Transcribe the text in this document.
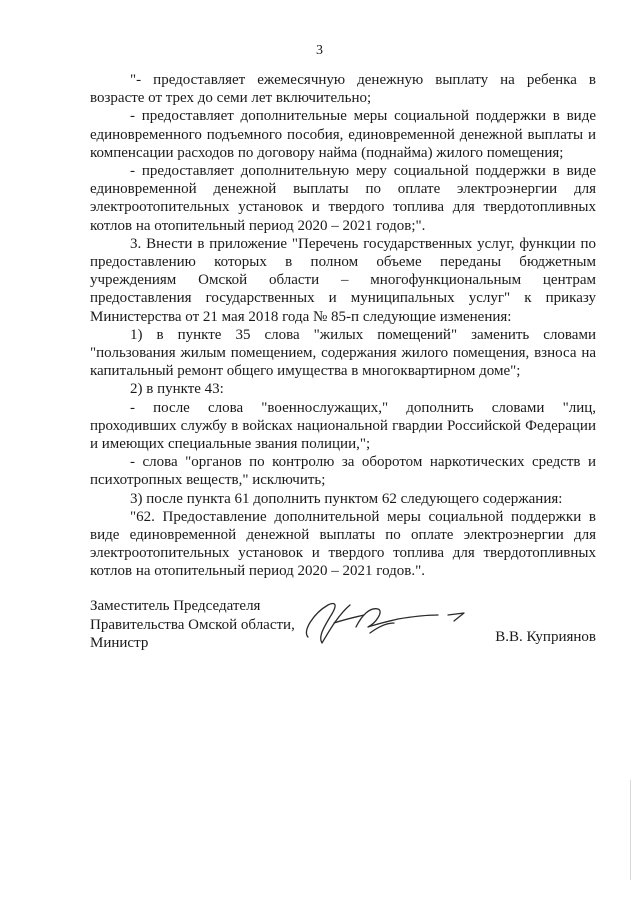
3

"- предоставляет ежемесячную денежную выплату на ребенка в возрасте от трех до семи лет включительно;

- предоставляет дополнительные меры социальной поддержки в виде единовременного подъемного пособия, единовременной денежной выплаты и компенсации расходов по договору найма (поднайма) жилого помещения;

- предоставляет дополнительную меру социальной поддержки в виде единовременной денежной выплаты по оплате электроэнергии для электроотопительных установок и твердого топлива для твердотопливных котлов на отопительный период 2020 – 2021 годов;".

3. Внести в приложение "Перечень государственных услуг, функции по предоставлению которых в полном объеме переданы бюджетным учреждениям Омской области – многофункциональным центрам предоставления государственных и муниципальных услуг" к приказу Министерства от 21 мая 2018 года № 85-п следующие изменения:

1) в пункте 35 слова "жилых помещений" заменить словами "пользования жилым помещением, содержания жилого помещения, взноса на капитальный ремонт общего имущества в многоквартирном доме";

2) в пункте 43:

- после слова "военнослужащих," дополнить словами "лиц, проходивших службу в войсках национальной гвардии Российской Федерации и имеющих специальные звания полиции,";

- слова "органов по контролю за оборотом наркотических средств и психотропных веществ," исключить;

3) после пункта 61 дополнить пунктом 62 следующего содержания:

"62. Предоставление дополнительной меры социальной поддержки в виде единовременной денежной выплаты по оплате электроэнергии для электроотопительных установок и твердого топлива для твердотопливных котлов на отопительный период 2020 – 2021 годов.".

Заместитель Председателя
Правительства Омской области,
Министр	В.В. Куприянов
